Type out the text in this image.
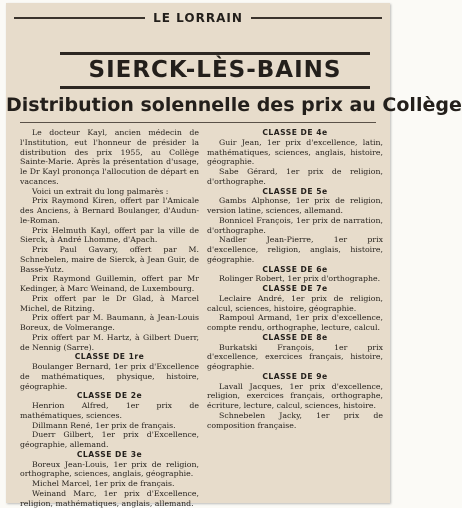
LE LORRAIN
SIERCK-LÈS-BAINS
Distribution solennelle des prix au Collège

Le docteur Kayl, ancien médecin de l'Institution, eut l'honneur de présider la distribution des prix 1955, au Collège Sainte-Marie. Après la présentation d'usage, le Dr Kayl prononça l'allocution de départ en vacances.

Voici un extrait du long palmarès :

Prix Raymond Kiren, offert par l'Amicale des Anciens, à Bernard Boulanger, d'Audun-le-Roman.

Prix Helmuth Kayl, offert par la ville de Sierck, à André Lhomme, d'Apach.

Prix Paul Gavary, offert par M. Schnebelen, maire de Sierck, à Jean Guir, de Basse-Yutz.

Prix Raymond Guillemin, offert par Mr Kedinger, à Marc Weinand, de Luxembourg.

Prix offert par le Dr Glad, à Marcel Michel, de Ritzing.

Prix offert par M. Baumann, à Jean-Louis Boreux, de Volmerange.

Prix offert par M. Hartz, à Gilbert Duerr, de Nennig (Sarre).

CLASSE DE 1re

Boulanger Bernard, 1er prix d'Excellence de mathématiques, physique, histoire, géographie.

CLASSE DE 2e

Henrion Alfred, 1er prix de mathématiques, sciences.

Dillmann René, 1er prix de français.

Duerr Gilbert, 1er prix d'Excellence, géographie, allemand.

CLASSE DE 3e

Boreux Jean-Louis, 1er prix de religion, orthographe, sciences, anglais, géographie.

Michel Marcel, 1er prix de français.

Weinand Marc, 1er prix d'Excellence, religion, mathématiques, anglais, allemand.

CLASSE DE 4e

Guir Jean, 1er prix d'excellence, latin, mathématiques, sciences, anglais, histoire, géographie.

Sabe Gérard, 1er prix de religion, d'orthographe.

CLASSE DE 5e

Gambs Alphonse, 1er prix de religion, version latine, sciences, allemand.

Bonnicel François, 1er prix de narration, d'orthographe.

Nadler Jean-Pierre, 1er prix d'excellence, religion, anglais, histoire, géographie.

CLASSE DE 6e

Rolinger Robert, 1er prix d'orthographe.

CLASSE DE 7e

Leclaire André, 1er prix de religion, calcul, sciences, histoire, géographie.

Rampoul Armand, 1er prix d'excellence, compte rendu, orthographe, lecture, calcul.

CLASSE DE 8e

Burkatski François, 1er prix d'excellence, exercices français, histoire, géographie.

CLASSE DE 9e

Lavall Jacques, 1er prix d'excellence, religion, exercices français, orthographe, écriture, lecture, calcul, sciences, histoire.

Schnebelen Jacky, 1er prix de composition française.
